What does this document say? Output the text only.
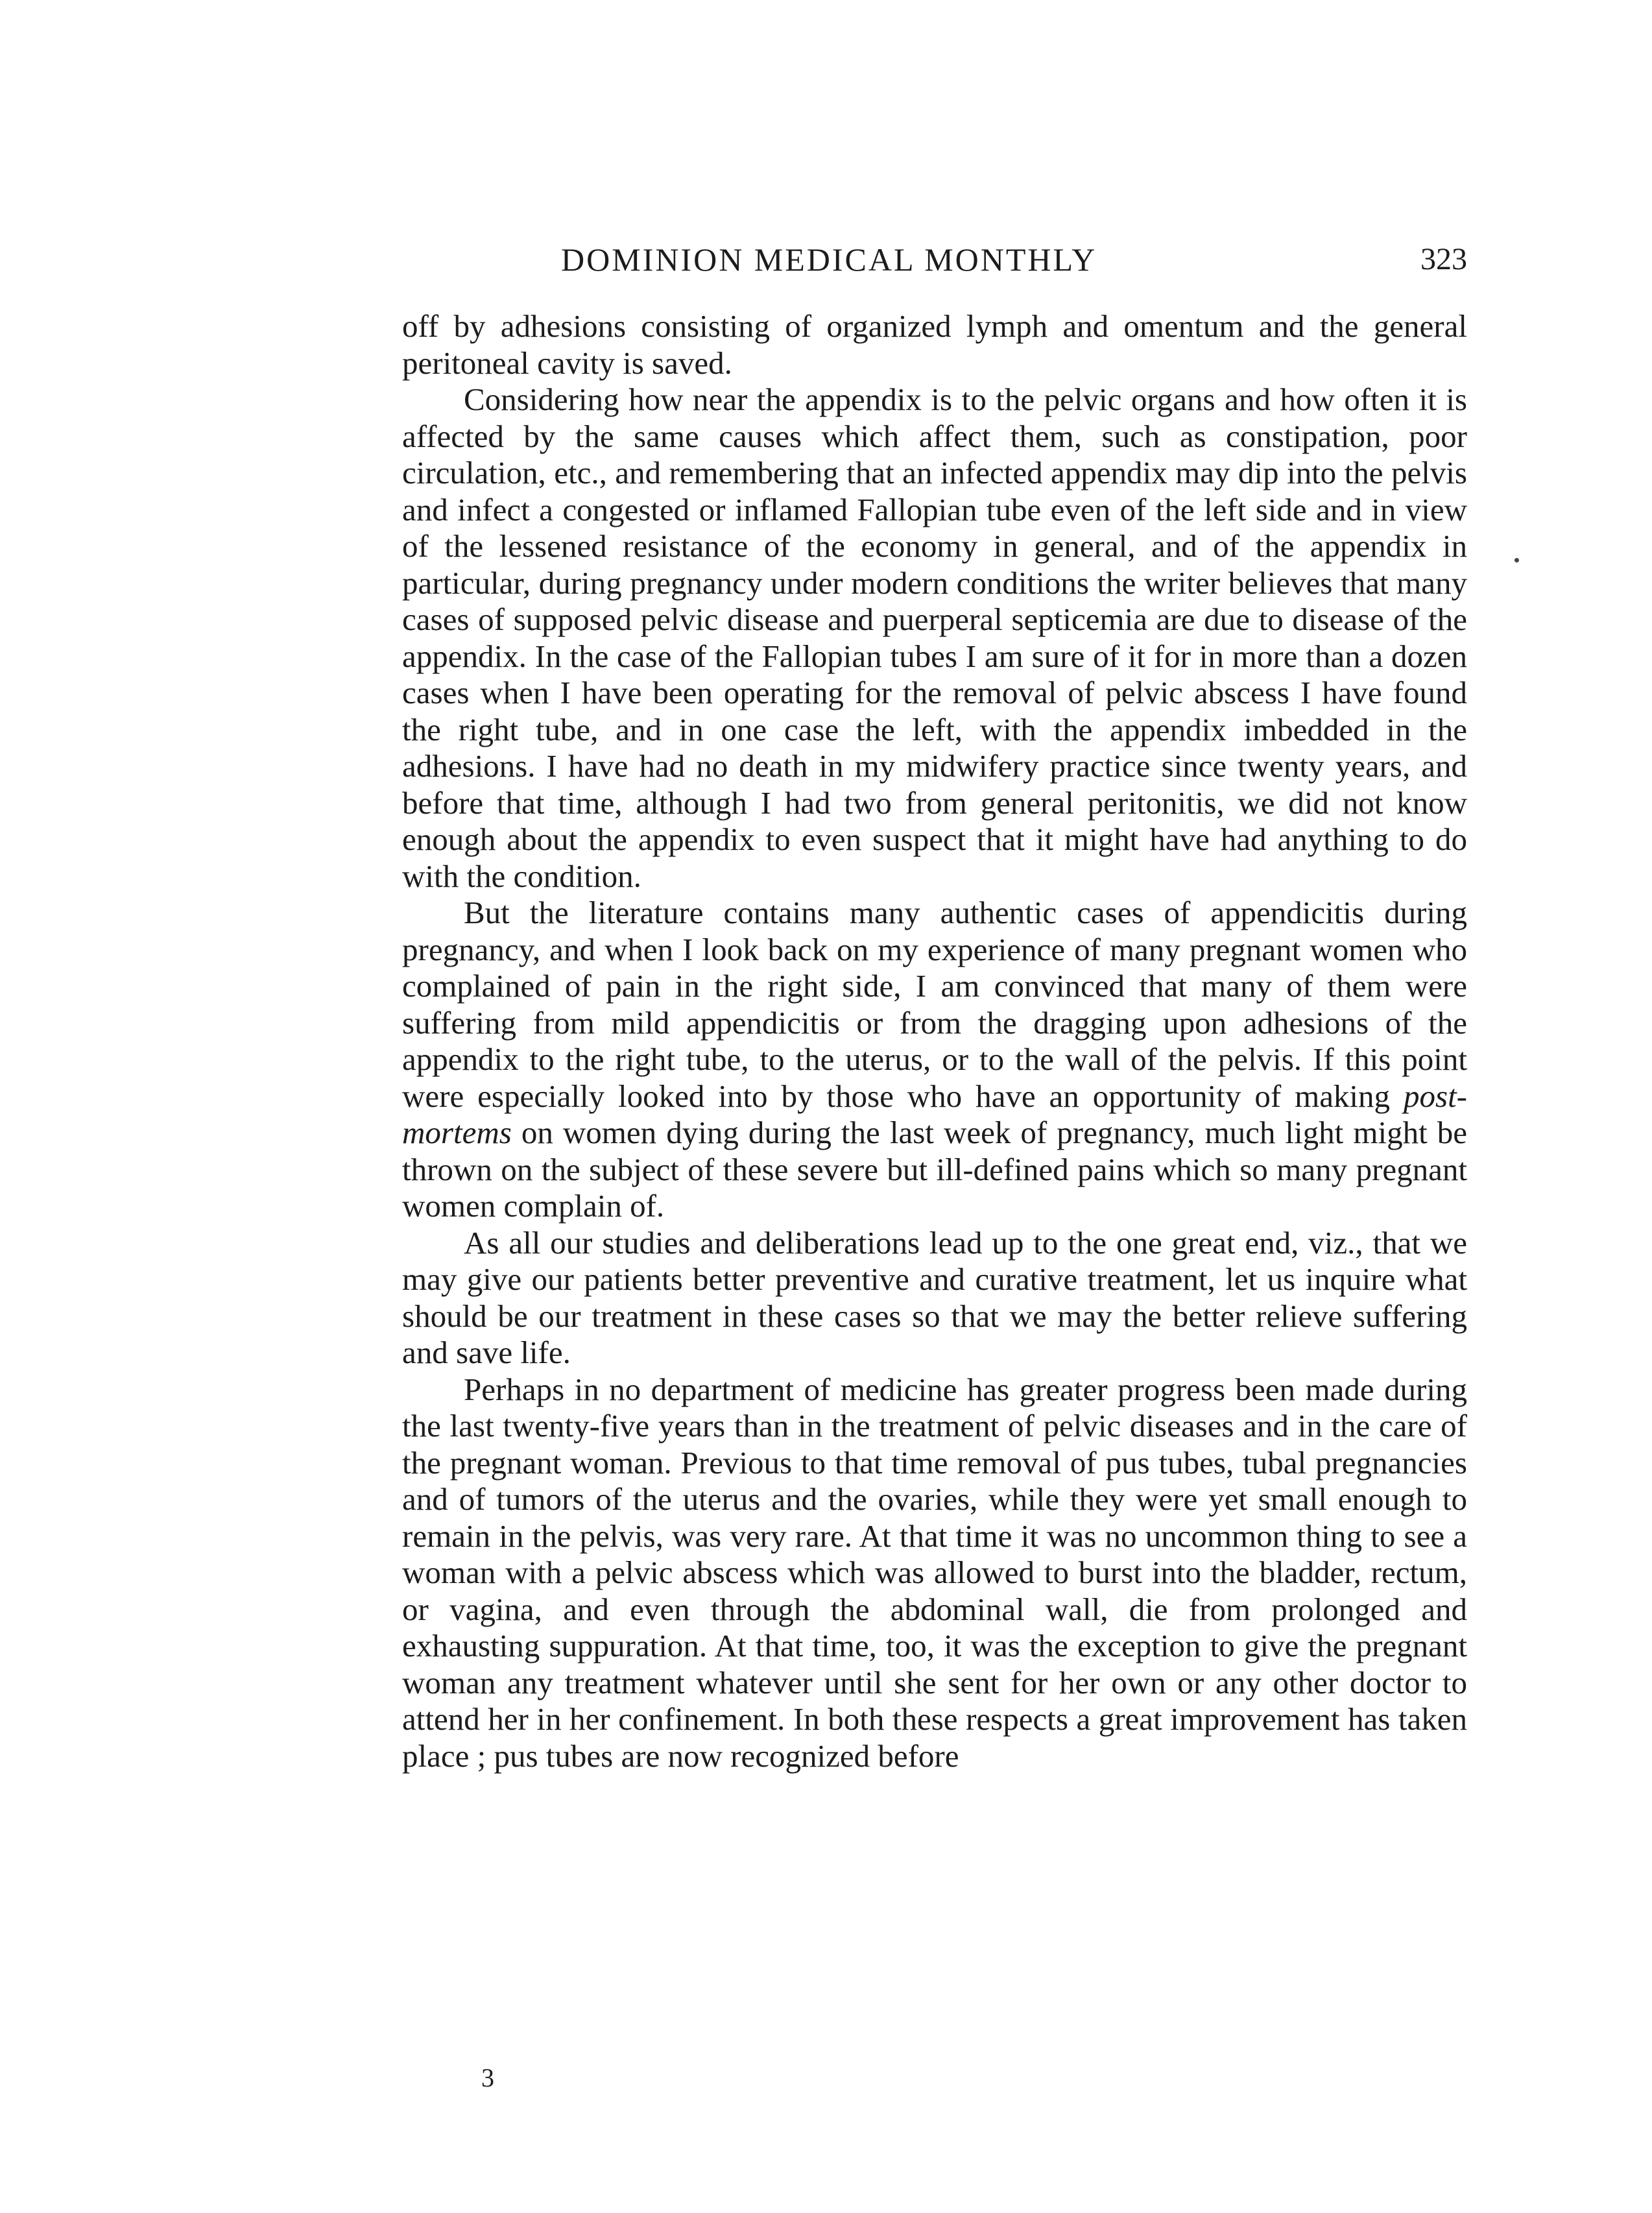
DOMINION MEDICAL MONTHLY	323

off by adhesions consisting of organized lymph and omentum and the general peritoneal cavity is saved.

Considering how near the appendix is to the pelvic organs and how often it is affected by the same causes which affect them, such as constipation, poor circulation, etc., and remembering that an infected appendix may dip into the pelvis and infect a congested or inflamed Fallopian tube even of the left side and in view of the lessened resistance of the economy in general, and of the appendix in particular, during pregnancy under modern conditions the writer believes that many cases of supposed pelvic disease and puerperal septicemia are due to disease of the appendix. In the case of the Fallopian tubes I am sure of it for in more than a dozen cases when I have been operating for the removal of pelvic abscess I have found the right tube, and in one case the left, with the appendix imbedded in the adhesions. I have had no death in my midwifery practice since twenty years, and before that time, although I had two from general peritonitis, we did not know enough about the appendix to even suspect that it might have had anything to do with the condition.

But the literature contains many authentic cases of appendicitis during pregnancy, and when I look back on my experience of many pregnant women who complained of pain in the right side, I am convinced that many of them were suffering from mild appendicitis or from the dragging upon adhesions of the appendix to the right tube, to the uterus, or to the wall of the pelvis. If this point were especially looked into by those who have an opportunity of making post-mortems on women dying during the last week of pregnancy, much light might be thrown on the subject of these severe but ill-defined pains which so many pregnant women complain of.

As all our studies and deliberations lead up to the one great end, viz., that we may give our patients better preventive and curative treatment, let us inquire what should be our treatment in these cases so that we may the better relieve suffering and save life.

Perhaps in no department of medicine has greater progress been made during the last twenty-five years than in the treatment of pelvic diseases and in the care of the pregnant woman. Previous to that time removal of pus tubes, tubal pregnancies and of tumors of the uterus and the ovaries, while they were yet small enough to remain in the pelvis, was very rare. At that time it was no uncommon thing to see a woman with a pelvic abscess which was allowed to burst into the bladder, rectum, or vagina, and even through the abdominal wall, die from prolonged and exhausting suppuration. At that time, too, it was the exception to give the pregnant woman any treatment whatever until she sent for her own or any other doctor to attend her in her confinement. In both these respects a great improvement has taken place ; pus tubes are now recognized before

3
